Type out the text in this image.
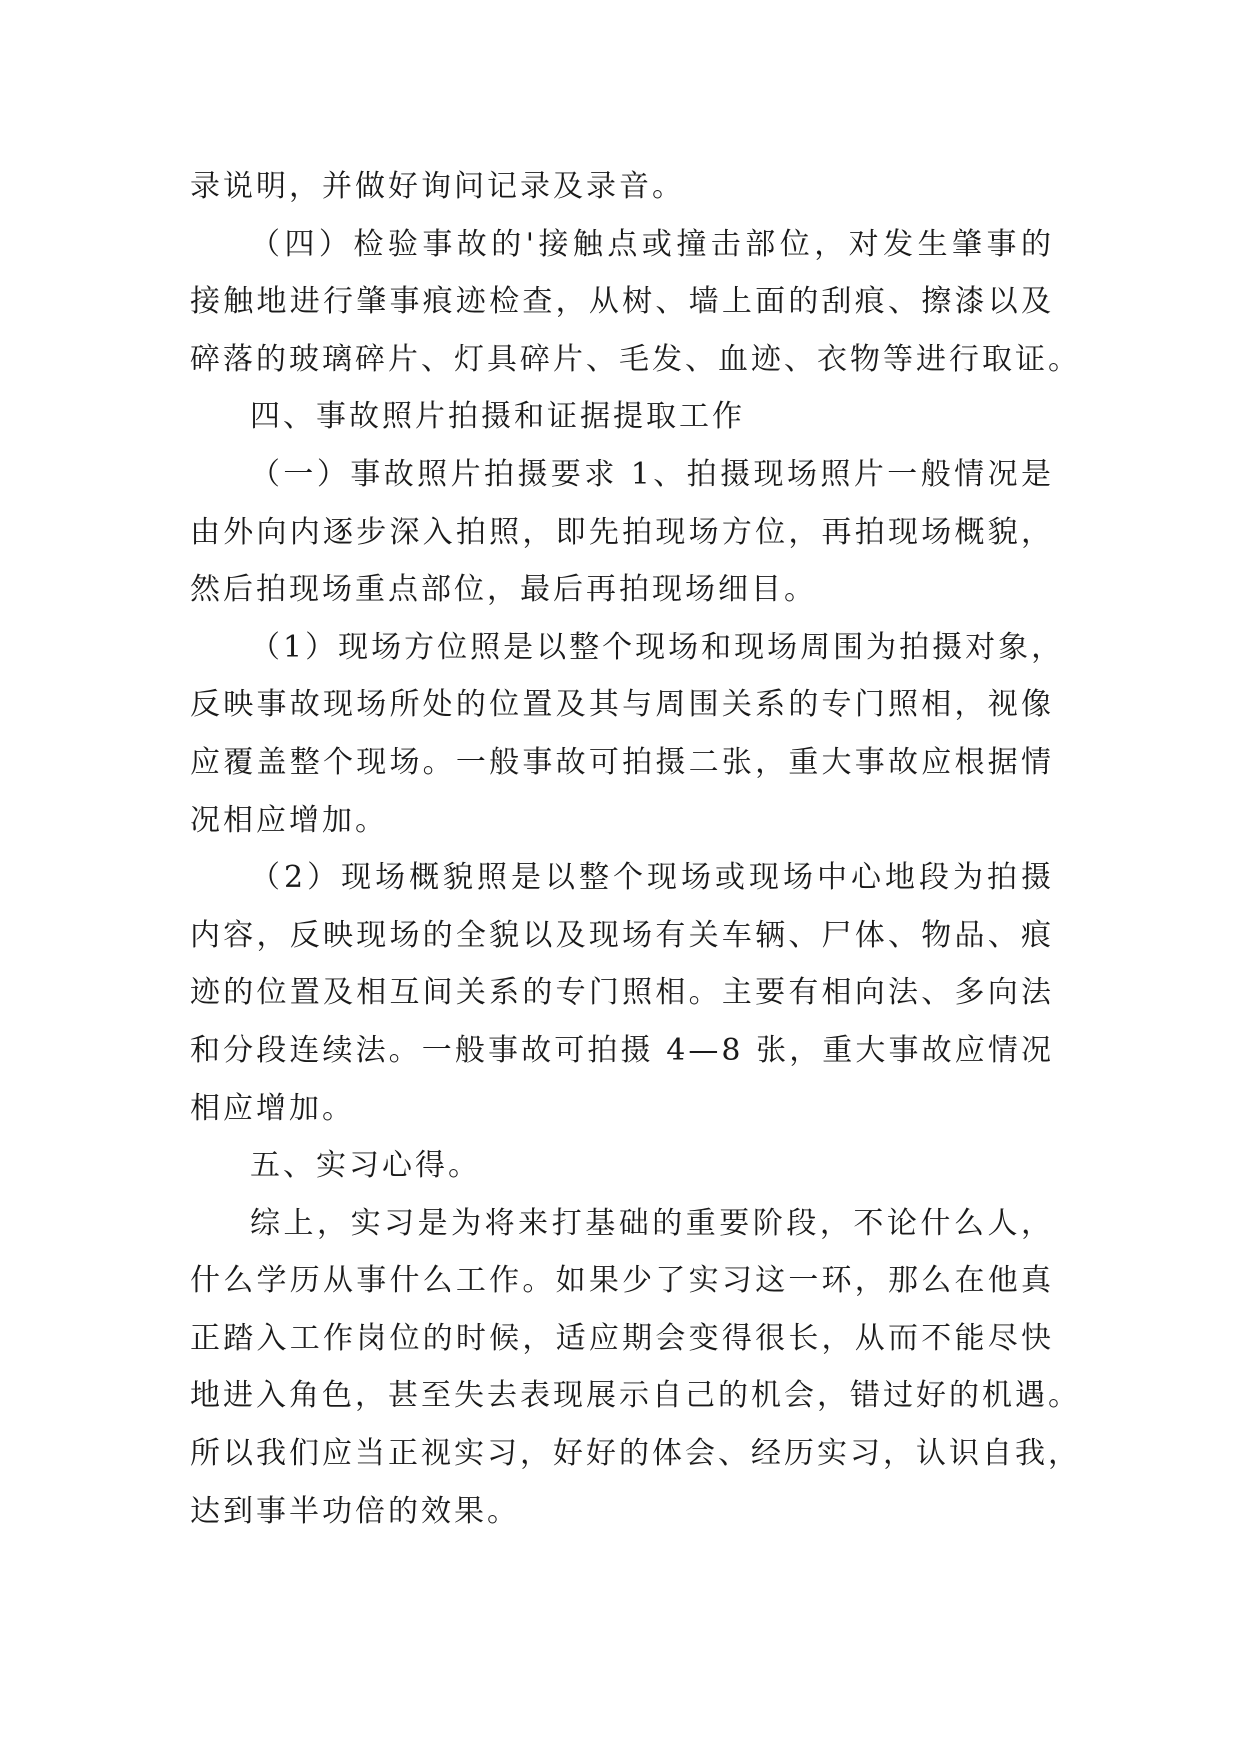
录说明，并做好询问记录及录音。
（四）检验事故的'接触点或撞击部位，对发生肇事的
接触地进行肇事痕迹检查，从树、墙上面的刮痕、擦漆以及
碎落的玻璃碎片、灯具碎片、毛发、血迹、衣物等进行取证。
四、事故照片拍摄和证据提取工作
（一）事故照片拍摄要求 1、拍摄现场照片一般情况是
由外向内逐步深入拍照，即先拍现场方位，再拍现场概貌，
然后拍现场重点部位，最后再拍现场细目。
（1）现场方位照是以整个现场和现场周围为拍摄对象，
反映事故现场所处的位置及其与周围关系的专门照相，视像
应覆盖整个现场。一般事故可拍摄二张，重大事故应根据情
况相应增加。
（2）现场概貌照是以整个现场或现场中心地段为拍摄
内容，反映现场的全貌以及现场有关车辆、尸体、物品、痕
迹的位置及相互间关系的专门照相。主要有相向法、多向法
和分段连续法。一般事故可拍摄 4—8 张，重大事故应情况
相应增加。
五、实习心得。
综上，实习是为将来打基础的重要阶段，不论什么人，
什么学历从事什么工作。如果少了实习这一环，那么在他真
正踏入工作岗位的时候，适应期会变得很长，从而不能尽快
地进入角色，甚至失去表现展示自己的机会，错过好的机遇。
所以我们应当正视实习，好好的体会、经历实习，认识自我，
达到事半功倍的效果。
